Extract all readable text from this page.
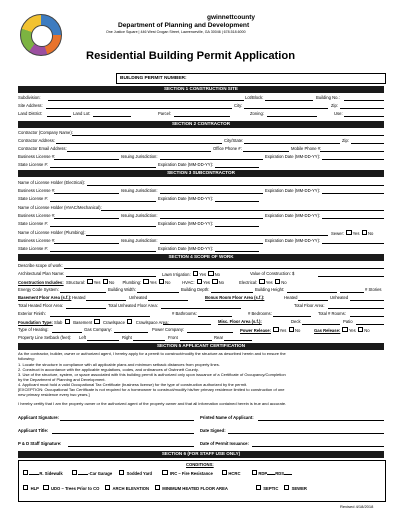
gwinnettcounty
Department of Planning and Development
One Justice Square | 446 West Crogan Street, Lawrenceville, GA 30046 | 678.518.6000
Residential Building Permit Application
BUILDING PERMIT NUMBER:
SECTION 1 CONSTRUCTION SITE
Subdivision:	Lot/Block:	Building No.:
Site Address:	City:	Zip:
Land District:	Land Lot:	Parcel:	Zoning:	Use:
SECTION 2 CONTRACTOR
Contractor (Company Name):
Contractor Address:	City/State:	Zip:
Contractor Email Address:	Office Phone #:	Mobile Phone #:
Business License #:	Issuing Jurisdiction:	Expiration Date (MM-DD-YY):
State License #:	Expiration Date (MM-DD-YY):
SECTION 3 SUBCONTRACTOR
Name of License Holder (Electrical):
Business License #:	Issuing Jurisdiction:	Expiration Date (MM-DD-YY):
State License #:	Expiration Date (MM-DD-YY):
Name of License Holder (HVAC/Mechanical):
Business License #:	Issuing Jurisdiction:	Expiration Date (MM-DD-YY):
State License #:	Expiration Date (MM-DD-YY):
Name of License Holder (Plumbing):	Sewer: Yes No
Business License #:	Issuing Jurisdiction:	Expiration Date (MM-DD-YY):
State License #:	Expiration Date (MM-DD-YY):
SECTION 4 SCOPE OF WORK
Describe scope of work:
Architectural Plan Name:	Lawn Irrigation: Yes No	Value of Construction: $
Construction Includes: Structural: Yes No Plumbing: Yes No	HVAC: Yes No	Electrical: Yes No
Energy Code System:	Building Width:	Building Depth:	Building Height:	# Stories
Basement Floor Area (s.f.): Heated	Unheated	Bonus Room Floor Area (s.f.):	Heated	Unheated
Total Heated Floor Area:	Total Unheated Floor Area:	Total Floor Area:
Exterior Finish:	# Bathrooms:	# Bedrooms:	Total # Rooms:
Foundation Type: Slab	Basement	Crawlspace	Crawlspace Area:	Misc. Floor Area (s.f.):	Deck	Patio
Type of Heating:	Gas Company:	Power Company:	Power Release: Yes No	Gas Release: Yes No
Property Line Setback (feet): Left	Right	Front	Rear
SECTION 5 APPLICANT CERTIFICATION
As the contractor, builder, owner or authorized agent, I hereby apply for a permit to construct/modify the structure as described herein and to ensure the
following:
1. Locate the structure in compliance with all applicable plans and minimum setback distances from property lines.
2. Construct in accordance with the applicable regulations, codes, and ordinances of Gwinnett County.
3. Use of the structure, system, or space associated with this building permit is authorized only upon issuance of a Certificate of Occupancy/Completion
by the Department of Planning and Development.
4. Applicant must hold a valid Occupational Tax Certificate (business license) for the type of construction authorized by the permit.
[EXCEPTION: Occupational Tax Certificate is not required for a homeowner to construct/modify his/her primary residence limited to construction of one
new primary residence every two years.]
I hereby certify that I am the property owner or the authorized agent of the property owner and that all information contained herein is true and accurate.
Applicant Signature:	Printed Name of Applicant:
Applicant Title:	Date Signed:
P & D Staff Signature:	Date of Permit Issuance:
SECTION 6 (FOR STAFF USE ONLY)
CONDITIONS:
R. Sidewalk	-Car Garage	Sodded Yard	IRC – Fire Resistance	HCRC	RDP RDS
HLP	UDO – Trees Prior to CO	ARCH ELEVATION	MINIMUM HEATED FLOOR AREA	SEPTIC	SEWER
Revised 4/18/2018
